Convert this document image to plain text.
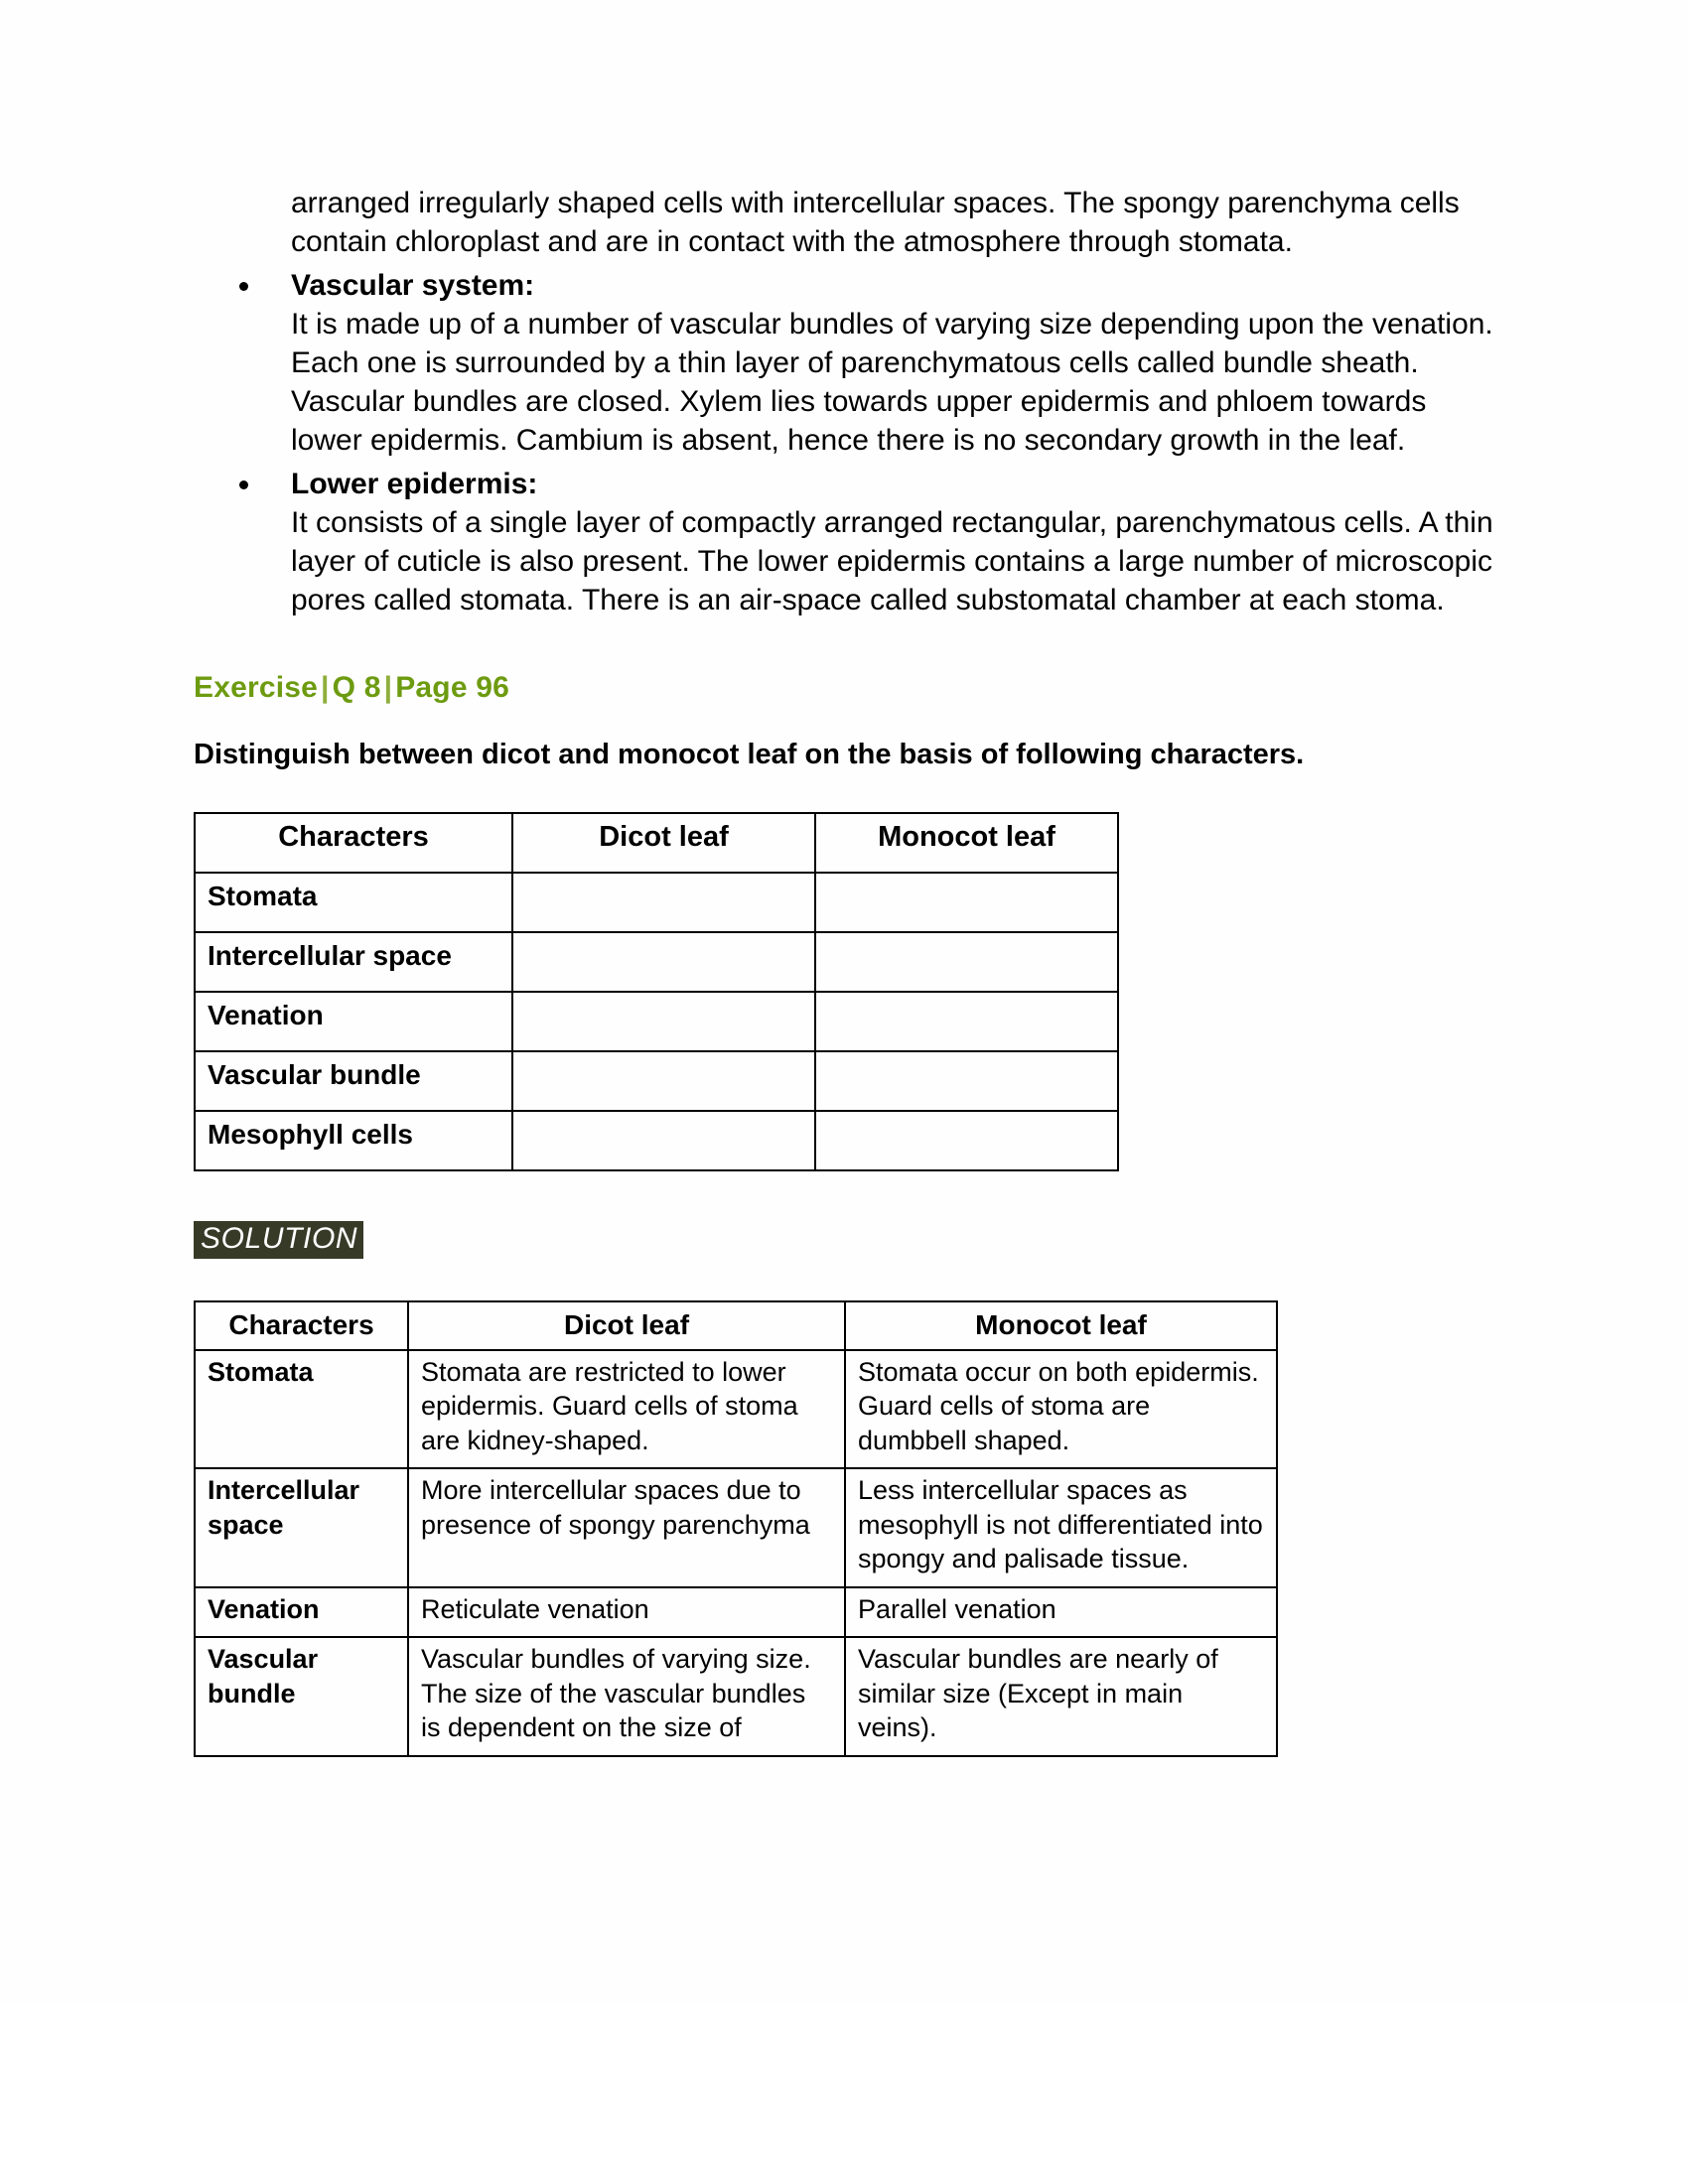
arranged irregularly shaped cells with intercellular spaces. The spongy parenchyma cells contain chloroplast and are in contact with the atmosphere through stomata.

Vascular system:
It is made up of a number of vascular bundles of varying size depending upon the venation. Each one is surrounded by a thin layer of parenchymatous cells called bundle sheath. Vascular bundles are closed. Xylem lies towards upper epidermis and phloem towards lower epidermis. Cambium is absent, hence there is no secondary growth in the leaf.
Lower epidermis:
It consists of a single layer of compactly arranged rectangular, parenchymatous cells. A thin layer of cuticle is also present. The lower epidermis contains a large number of microscopic pores called stomata. There is an air-space called substomatal chamber at each stoma.
Exercise | Q 8 | Page 96
Distinguish between dicot and monocot leaf on the basis of following characters.
Characters	Dicot leaf	Monocot leaf
Stomata		
Intercellular space		
Venation		
Vascular bundle		
Mesophyll cells		
SOLUTION
Characters	Dicot leaf	Monocot leaf
Stomata	Stomata are restricted to lower epidermis. Guard cells of stoma are kidney-shaped.	Stomata occur on both epidermis. Guard cells of stoma are dumbbell shaped.
Intercellular space	More intercellular spaces due to presence of spongy parenchyma	Less intercellular spaces as mesophyll is not differentiated into spongy and palisade tissue.
Venation	Reticulate venation	Parallel venation
Vascular bundle	Vascular bundles of varying size. The size of the vascular bundles is dependent on the size of	Vascular bundles are nearly of similar size (Except in main veins).
